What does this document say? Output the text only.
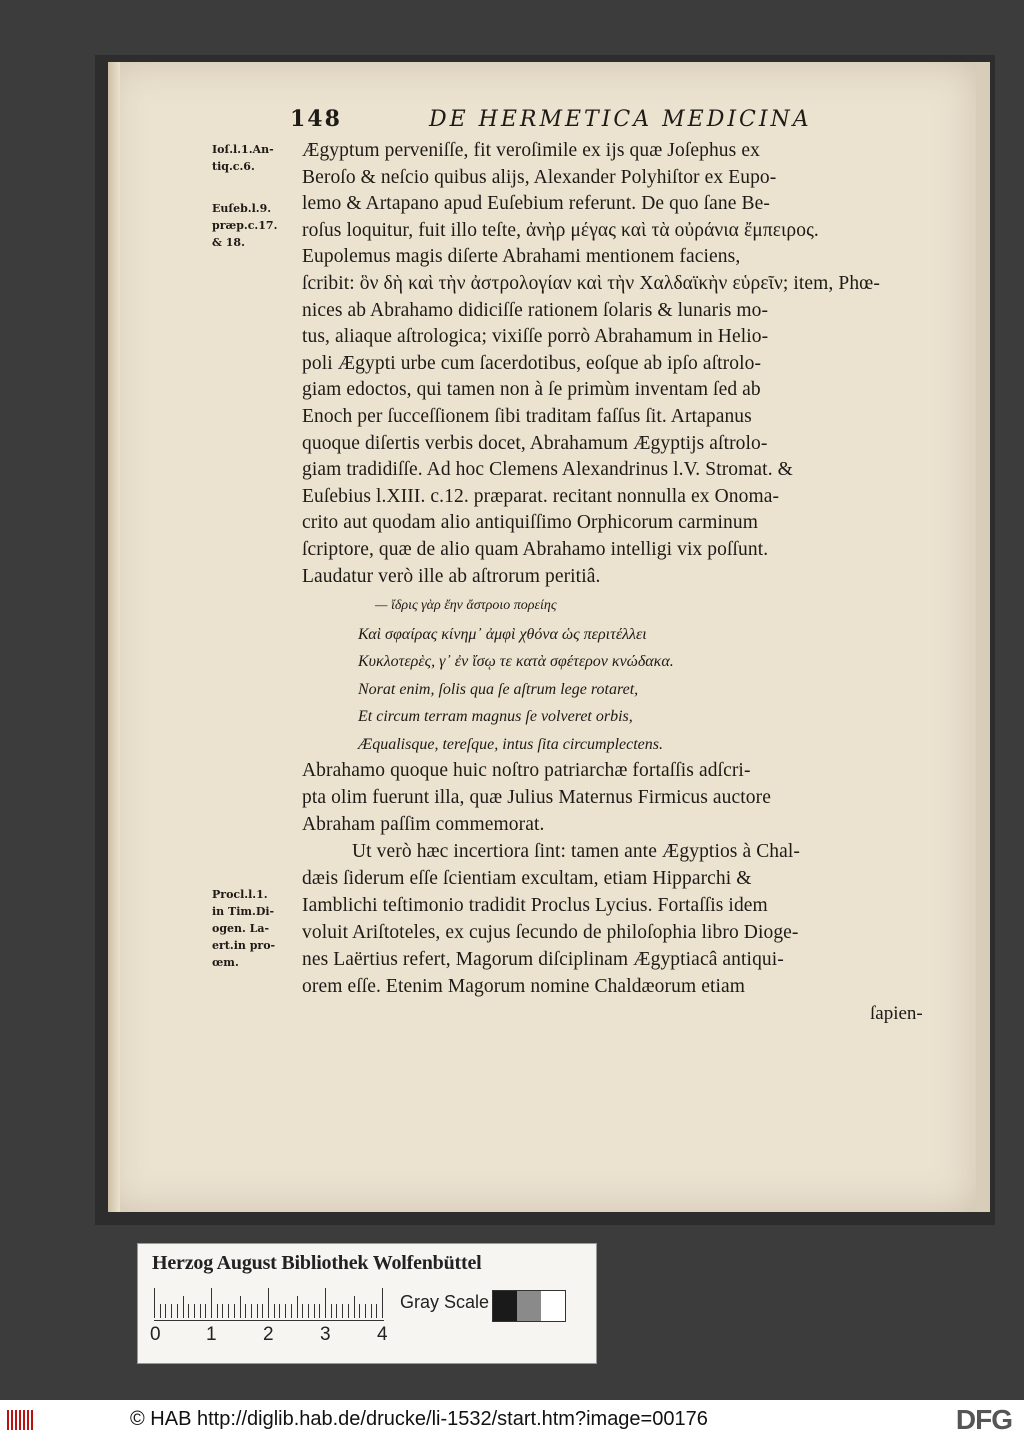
148	DE HERMETICA MEDICINA
Ioſ.l.1.An-
tiq.c.6.
Euſeb.l.9.
præp.c.17.
& 18.
Procl.l.1.
in Tim.Di-
ogen. La-
ert.in pro-
œm.
Ægyptum perveniſſe, fit veroſimile ex ijs quæ Joſephus ex
Beroſo & neſcio quibus alijs, Alexander Polyhiſtor ex Eupo-
lemo & Artapano apud Euſebium referunt. De quo ſane Be-
roſus loquitur, fuit illo teſte, ἀνὴρ μέγας καὶ τὰ οὐράνια ἔμπειρος.
Eupolemus magis diſerte Abrahami mentionem faciens,
ſcribit: ὃν δὴ καὶ τὴν ἀστρολογίαν καὶ τὴν Χαλδαϊκὴν εὑρεῖν; item, Phœ-
nices ab Abrahamo didiciſſe rationem ſolaris & lunaris mo-
tus, aliaque aſtrologica; vixiſſe porrò Abrahamum in Helio-
poli Ægypti urbe cum ſacerdotibus, eoſque ab ipſo aſtrolo-
giam edoctos, qui tamen non à ſe primùm inventam ſed ab
Enoch per ſucceſſionem ſibi traditam faſſus ſit. Artapanus
quoque diſertis verbis docet, Abrahamum Ægyptijs aſtrolo-
giam tradidiſſe. Ad hoc Clemens Alexandrinus l.V. Stromat. &
Euſebius l.XIII. c.12. præparat. recitant nonnulla ex Onoma-
crito aut quodam alio antiquiſſimo Orphicorum carminum
ſcriptore, quæ de alio quam Abrahamo intelligi vix poſſunt.
Laudatur verò ille ab aſtrorum peritiâ.
— ἴδρις γὰρ ἔην ἄστροιο πορείης
Καὶ σφαίρας κίνημ᾽ ἀμφὶ χθόνα ὡς περιτέλλει
Κυκλοτερὲς, γ᾽ ἐν ἴσῳ τε κατὰ σφέτερον κνώδακα.
Norat enim, ſolis qua ſe aſtrum lege rotaret,
Et circum terram magnus ſe volveret orbis,
Æqualisque, tereſque, intus ſita circumplectens.
Abrahamo quoque huic noſtro patriarchæ fortaſſis adſcri-
pta olim fuerunt illa, quæ Julius Maternus Firmicus auctore
Abraham paſſim commemorat.
Ut verò hæc incertiora ſint: tamen ante Ægyptios à Chal-
dæis ſiderum eſſe ſcientiam excultam, etiam Hipparchi &
Iamblichi teſtimonio tradidit Proclus Lycius. Fortaſſis idem
voluit Ariſtoteles, ex cujus ſecundo de philoſophia libro Dioge-
nes Laërtius refert, Magorum diſciplinam Ægyptiacâ antiqui-
orem eſſe. Etenim Magorum nomine Chaldæorum etiam
ſapien-
Herzog August Bibliothek Wolfenbüttel
0 1 2 3 4
Gray Scale
© HAB http://diglib.hab.de/drucke/li-1532/start.htm?image=00176	DFG
